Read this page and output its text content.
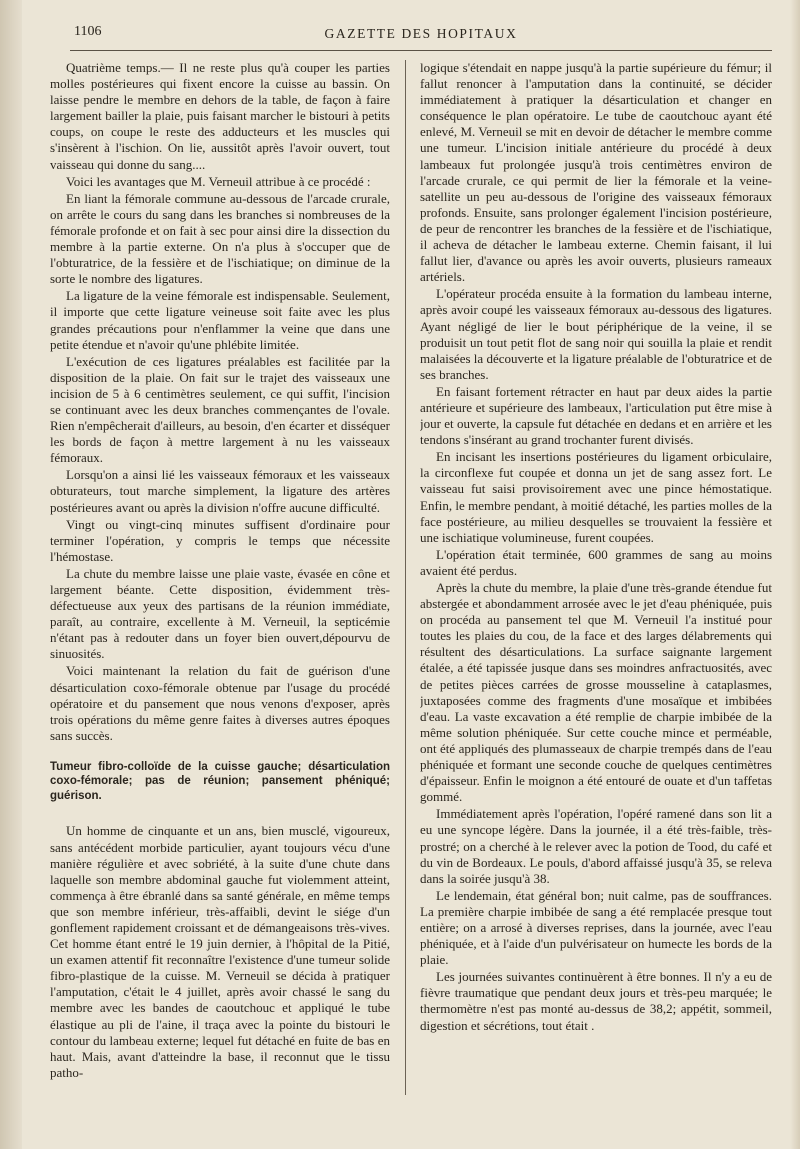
1106	GAZETTE DES HOPITAUX

Quatrième temps.— Il ne reste plus qu'à couper les parties molles postérieures qui fixent encore la cuisse au bassin. On laisse pendre le membre en dehors de la table, de façon à faire largement bailler la plaie, puis faisant marcher le bistouri à petits coups, on coupe le reste des adducteurs et les muscles qui s'insèrent à l'ischion. On lie, aussitôt après l'avoir ouvert, tout vaisseau qui donne du sang....

Voici les avantages que M. Verneuil attribue à ce procédé :

En liant la fémorale commune au-dessous de l'arcade crurale, on arrête le cours du sang dans les branches si nombreuses de la fémorale profonde et on fait à sec pour ainsi dire la dissection du membre à la partie externe. On n'a plus à s'occuper que de l'obturatrice, de la fessière et de l'ischiatique; on diminue de la sorte le nombre des ligatures.

La ligature de la veine fémorale est indispensable. Seulement, il importe que cette ligature veineuse soit faite avec les plus grandes précautions pour n'enflammer la veine que dans une petite étendue et n'avoir qu'une phlébite limitée.

L'exécution de ces ligatures préalables est facilitée par la disposition de la plaie. On fait sur le trajet des vaisseaux une incision de 5 à 6 centimètres seulement, ce qui suffit, l'incision se continuant avec les deux branches commençantes de l'ovale. Rien n'empêcherait d'ailleurs, au besoin, d'en écarter et disséquer les bords de façon à mettre largement à nu les vaisseaux fémoraux.

Lorsqu'on a ainsi lié les vaisseaux fémoraux et les vaisseaux obturateurs, tout marche simplement, la ligature des artères postérieures avant ou après la division n'offre aucune difficulté.

Vingt ou vingt-cinq minutes suffisent d'ordinaire pour terminer l'opération, y compris le temps que nécessite l'hémostase.

La chute du membre laisse une plaie vaste, évasée en cône et largement béante. Cette disposition, évidemment très-défectueuse aux yeux des partisans de la réunion immédiate, paraît, au contraire, excellente à M. Verneuil, la septicémie n'étant pas à redouter dans un foyer bien ouvert,dépourvu de sinuosités.

Voici maintenant la relation du fait de guérison d'une désarticulation coxo-fémorale obtenue par l'usage du procédé opératoire et du pansement que nous venons d'exposer, après trois opérations du même genre faites à diverses autres époques sans succès.

Tumeur fibro-colloïde de la cuisse gauche; désarticulation coxo-fémorale; pas de réunion; pansement phéniqué; guérison.

Un homme de cinquante et un ans, bien musclé, vigoureux, sans antécédent morbide particulier, ayant toujours vécu d'une manière régulière et avec sobriété, à la suite d'une chute dans laquelle son membre abdominal gauche fut violemment atteint, commença à être ébranlé dans sa santé générale, en même temps que son membre inférieur, très-affaibli, devint le siége d'un gonflement rapidement croissant et de démangeaisons très-vives. Cet homme étant entré le 19 juin dernier, à l'hôpital de la Pitié, un examen attentif fit reconnaître l'existence d'une tumeur solide fibro-plastique de la cuisse. M. Verneuil se décida à pratiquer l'amputation, c'était le 4 juillet, après avoir chassé le sang du membre avec les bandes de caoutchouc et appliqué le tube élastique au pli de l'aine, il traça avec la pointe du bistouri le contour du lambeau externe; lequel fut détaché en fuite de bas en haut. Mais, avant d'atteindre la base, il reconnut que le tissu patho-

logique s'étendait en nappe jusqu'à la partie supérieure du fémur; il fallut renoncer à l'amputation dans la continuité, se décider immédiatement à pratiquer la désarticulation et changer en conséquence le plan opératoire. Le tube de caoutchouc ayant été enlevé, M. Verneuil se mit en devoir de détacher le membre comme une tumeur. L'incision initiale antérieure du procédé à deux lambeaux fut prolongée jusqu'à trois centimètres environ de l'arcade crurale, ce qui permit de lier la fémorale et la veine-satellite un peu au-dessous de l'origine des vaisseaux fémoraux profonds. Ensuite, sans prolonger également l'incision postérieure, de peur de rencontrer les branches de la fessière et de l'ischiatique, il acheva de détacher le lambeau externe. Chemin faisant, il lui fallut lier, d'avance ou après les avoir ouverts, plusieurs rameaux artériels.

L'opérateur procéda ensuite à la formation du lambeau interne, après avoir coupé les vaisseaux fémoraux au-dessous des ligatures. Ayant négligé de lier le bout périphérique de la veine, il se produisit un tout petit flot de sang noir qui souilla la plaie et rendit malaisées la découverte et la ligature préalable de l'obturatrice et de ses branches.

En faisant fortement rétracter en haut par deux aides la partie antérieure et supérieure des lambeaux, l'articulation put être mise à jour et ouverte, la capsule fut détachée en dedans et en arrière et les tendons s'insérant au grand trochanter furent divisés.

En incisant les insertions postérieures du ligament orbiculaire, la circonflexe fut coupée et donna un jet de sang assez fort. Le vaisseau fut saisi provisoirement avec une pince hémostatique. Enfin, le membre pendant, à moitié détaché, les parties molles de la face postérieure, au milieu desquelles se trouvaient la fessière et une ischiatique volumineuse, furent coupées.

L'opération était terminée, 600 grammes de sang au moins avaient été perdus.

Après la chute du membre, la plaie d'une très-grande étendue fut abstergée et abondamment arrosée avec le jet d'eau phéniquée, puis on procéda au pansement tel que M. Verneuil l'a institué pour toutes les plaies du cou, de la face et des larges délabrements qui résultent des désarticulations. La surface saignante largement étalée, a été tapissée jusque dans ses moindres anfractuosités, avec de petites pièces carrées de grosse mousseline à cataplasmes, juxtaposées comme des fragments d'une mosaïque et imbibées d'eau. La vaste excavation a été remplie de charpie imbibée de la même solution phéniquée. Sur cette couche mince et perméable, ont été appliqués des plumasseaux de charpie trempés dans de l'eau phéniquée et formant une seconde couche de quelques centimètres d'épaisseur. Enfin le moignon a été entouré de ouate et d'un taffetas gommé.

Immédiatement après l'opération, l'opéré ramené dans son lit a eu une syncope légère. Dans la journée, il a été très-faible, très-prostré; on a cherché à le relever avec la potion de Tood, du café et du vin de Bordeaux. Le pouls, d'abord affaissé jusqu'à 35, se releva dans la soirée jusqu'à 38.

Le lendemain, état général bon; nuit calme, pas de souffrances. La première charpie imbibée de sang a été remplacée presque tout entière; on a arrosé à diverses reprises, dans la journée, avec l'eau phéniquée, et à l'aide d'un pulvérisateur on humecte les bords de la plaie.

Les journées suivantes continuèrent à être bonnes. Il n'y a eu de fièvre traumatique que pendant deux jours et très-peu marquée; le thermomètre n'est pas monté au-dessus de 38,2; appétit, sommeil, digestion et sécrétions, tout était .
